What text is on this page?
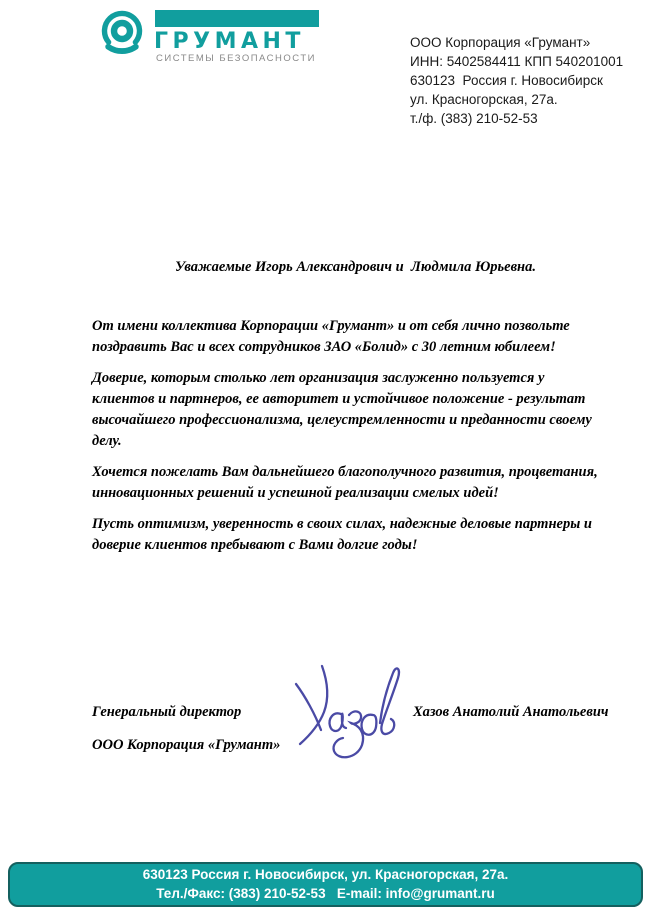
ГРУМАНТ
СИСТЕМЫ БЕЗОПАСНОСТИ
ООО Корпорация «Грумант»
ИНН: 5402584411 КПП 540201001
630123  Россия г. Новосибирск
ул. Красногорская, 27а.
т./ф. (383) 210-52-53
Уважаемые Игорь Александрович и  Людмила Юрьевна.

От имени коллектива Корпорации «Грумант» и от себя лично позвольте поздравить Вас и всех сотрудников ЗАО «Болид» с 30 летним юбилеем!

Доверие, которым столько лет организация заслуженно пользуется у клиентов и партнеров, ее авторитет и устойчивое положение - результат высочайшего профессионализма, целеустремленности и преданности своему делу.

Хочется пожелать Вам дальнейшего благополучного развития, процветания, инновационных решений и успешной реализации смелых идей!

Пусть оптимизм, уверенность в своих силах, надежные деловые партнеры и доверие клиентов пребывают с Вами долгие годы!

Генеральный директор
ООО Корпорация «Грумант»
Хазов Анатолий Анатольевич
630123 Россия г. Новосибирск, ул. Красногорская, 27а.
Тел./Факс: (383) 210-52-53   E-mail: info@grumant.ru
